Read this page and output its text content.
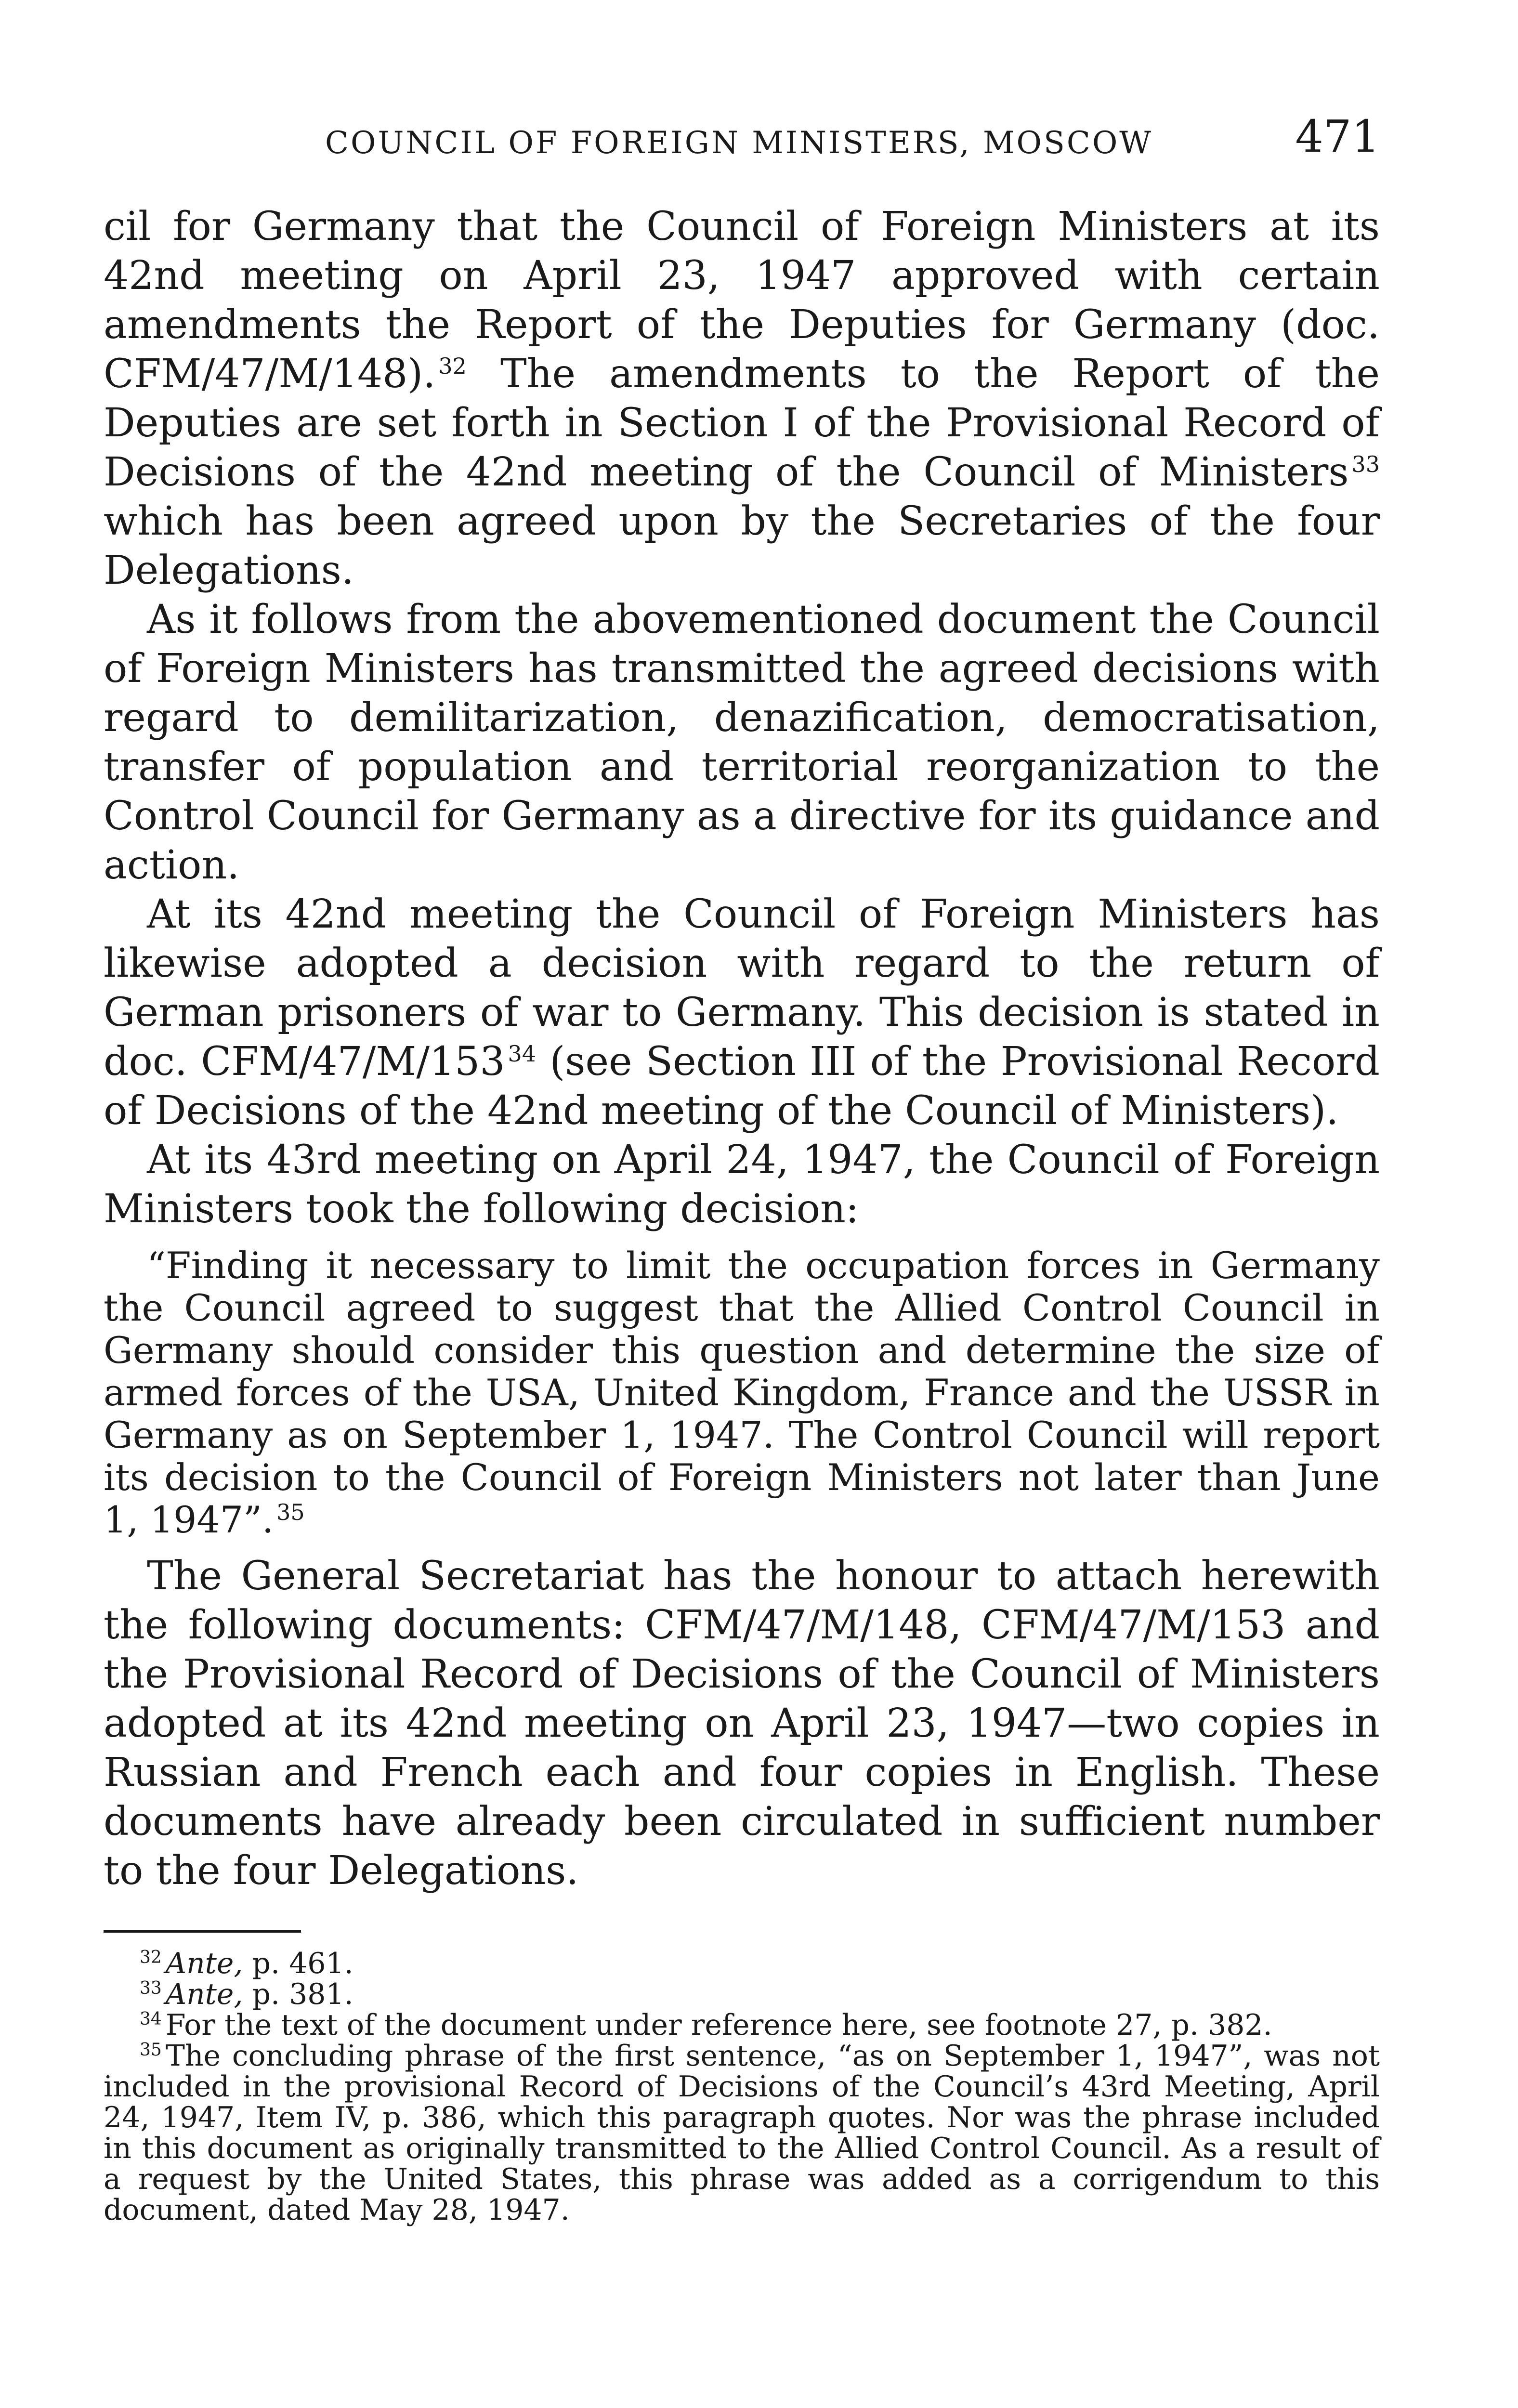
COUNCIL OF FOREIGN MINISTERS, MOSCOW	471

cil for Germany that the Council of Foreign Ministers at its 42nd meeting on April 23, 1947 approved with certain amendments the Report of the Deputies for Germany (doc. CFM/47/M/148). $^{32}$ The amendments to the Report of the Deputies are set forth in Section I of the Provisional Record of Decisions of the 42nd meeting of the Council of Ministers $^{33}$ which has been agreed upon by the Secretaries of the four Delegations.

As it follows from the abovementioned document the Council of Foreign Ministers has transmitted the agreed decisions with regard to demilitarization, denazification, democratisation, transfer of population and territorial reorganization to the Control Council for Germany as a directive for its guidance and action.

At its 42nd meeting the Council of Foreign Ministers has likewise adopted a decision with regard to the return of German prisoners of war to Germany. This decision is stated in doc. CFM/47/M/153 $^{34}$ (see Section III of the Provisional Record of Decisions of the 42nd meeting of the Council of Ministers).

At its 43rd meeting on April 24, 1947, the Council of Foreign Ministers took the following decision:

“Finding it necessary to limit the occupation forces in Germany the Council agreed to suggest that the Allied Control Council in Germany should consider this question and determine the size of armed forces of the USA, United Kingdom, France and the USSR in Germany as on September 1, 1947. The Control Council will report its decision to the Council of Foreign Ministers not later than June 1, 1947”. $^{35}$

The General Secretariat has the honour to attach herewith the following documents: CFM/47/M/148, CFM/47/M/153 and the Provisional Record of Decisions of the Council of Ministers adopted at its 42nd meeting on April 23, 1947—two copies in Russian and French each and four copies in English. These documents have already been circulated in sufficient number to the four Delegations.

$^{32}$ Ante, p. 461.

$^{33}$ Ante, p. 381.

$^{34}$ For the text of the document under reference here, see footnote 27, p. 382.

$^{35}$ The concluding phrase of the first sentence, “as on September 1, 1947”, was not included in the provisional Record of Decisions of the Council’s 43rd Meeting, April 24, 1947, Item IV, p. 386, which this paragraph quotes. Nor was the phrase included in this document as originally transmitted to the Allied Control Council. As a result of a request by the United States, this phrase was added as a corrigendum to this document, dated May 28, 1947.
